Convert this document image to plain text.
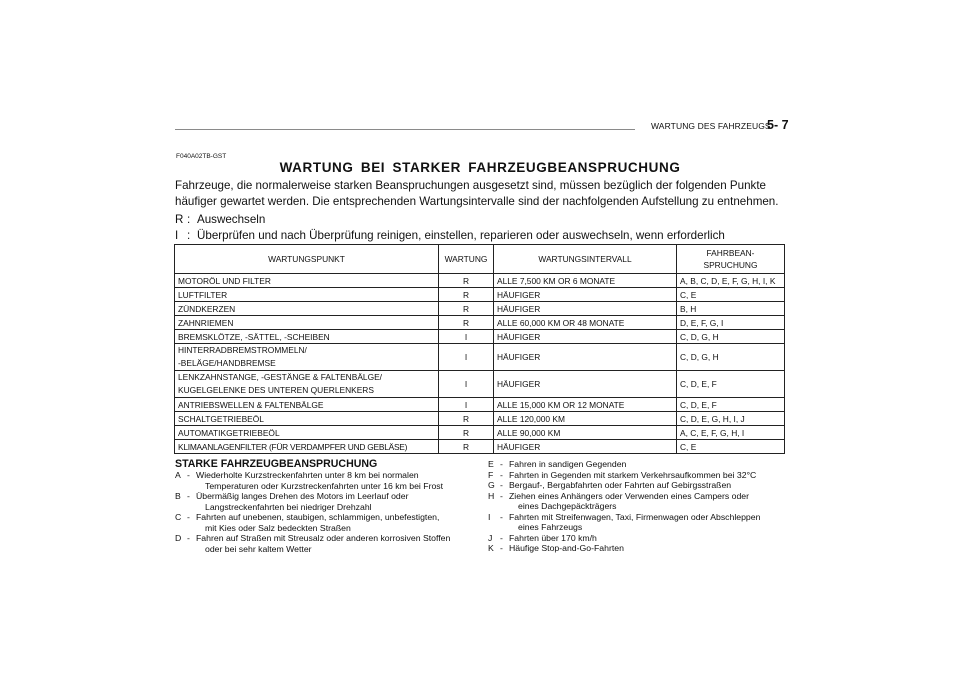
WARTUNG DES FAHRZEUGS
5- 7
F040A02TB-GST
WARTUNG BEI STARKER FAHRZEUGBEANSPRUCHUNG
Fahrzeuge, die normalerweise starken Beanspruchungen ausgesetzt sind, müssen bezüglich der folgenden Punkte häufiger gewartet werden. Die entsprechenden Wartungsintervalle sind der nachfolgenden Aufstellung zu entnehmen.
R : Auswechseln
I : Überprüfen und nach Überprüfung reinigen, einstellen, reparieren oder auswechseln, wenn erforderlich
WARTUNGSPUNKT	WARTUNG	WARTUNGSINTERVALL	FAHRBEAN-
SPRUCHUNG

MOTORÖL UND FILTER	R	ALLE 7,500 KM OR 6 MONATE	A, B, C, D, E, F, G, H, I, K
LUFTFILTER	R	HÄUFIGER	C, E
ZÜNDKERZEN	R	HÄUFIGER	B, H
ZAHNRIEMEN	R	ALLE 60,000 KM OR 48 MONATE	D, E, F, G, I
BREMSKLÖTZE, -SÄTTEL, -SCHEIBEN	I	HÄUFIGER	C, D, G, H

HINTERRADBREMSTROMMELN/
-BELÄGE/HANDBREMSE	I	HÄUFIGER	C, D, G, H

LENKZAHNSTANGE, -GESTÄNGE & FALTENBÄLGE/
KUGELGELENKE DES UNTEREN QUERLENKERS	I	HÄUFIGER	C, D, E, F
ANTRIEBSWELLEN & FALTENBÄLGE	I	ALLE 15,000 KM OR 12 MONATE	C, D, E, F
SCHALTGETRIEBEÖL	R	ALLE 120,000 KM	C, D, E, G, H, I, J
AUTOMATIKGETRIEBEÖL	R	ALLE 90,000 KM	A, C, E, F, G, H, I
KLIMAANLAGENFILTER (FÜR VERDAMPFER UND GEBLÄSE)	R	HÄUFIGER	C, E
STARKE FAHRZEUGBEANSPRUCHUNG
A - Wiederholte Kurzstreckenfahrten unter 8 km bei normalen
Temperaturen oder Kurzstreckenfahrten unter 16 km bei Frost
B - Übermäßig langes Drehen des Motors im Leerlauf oder
Langstreckenfahrten bei niedriger Drehzahl
C - Fahrten auf unebenen, staubigen, schlammigen, unbefestigten,
mit Kies oder Salz bedeckten Straßen
D - Fahren auf Straßen mit Streusalz oder anderen korrosiven Stoffen
oder bei sehr kaltem Wetter
E - Fahren in sandigen Gegenden
F - Fahrten in Gegenden mit starkem Verkehrsaufkommen bei 32°C
G - Bergauf-, Bergabfahrten oder Fahrten auf Gebirgsstraßen
H - Ziehen eines Anhängers oder Verwenden eines Campers oder
eines Dachgepäckträgers
I	- Fahrten mit Streifenwagen, Taxi, Firmenwagen oder Abschleppen
eines Fahrzeugs
J - Fahrten über 170 km/h
K - Häufige Stop-and-Go-Fahrten
